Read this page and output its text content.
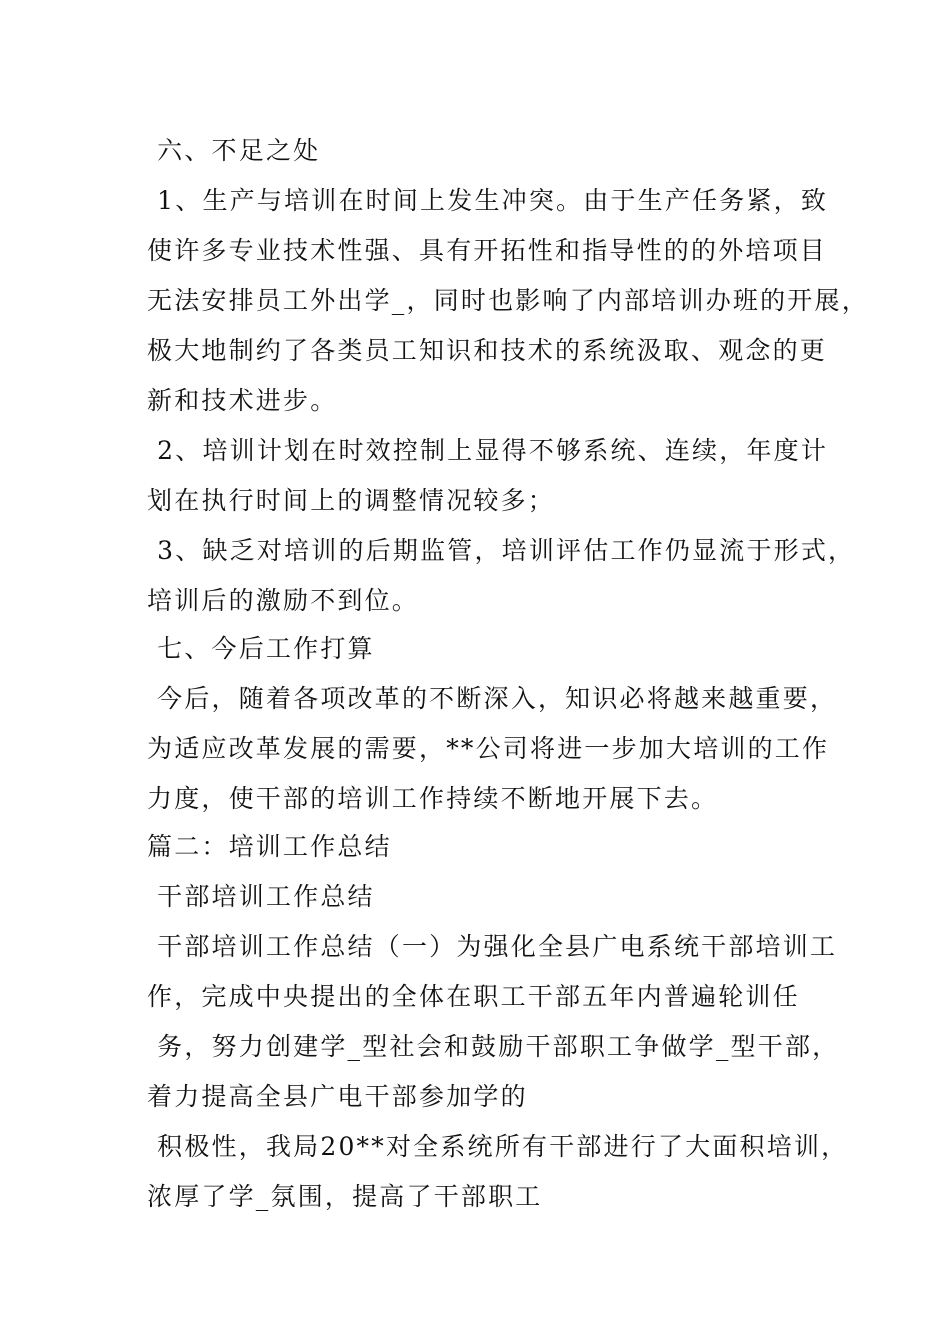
六、不足之处
1、生产与培训在时间上发生冲突。由于生产任务紧，致
使许多专业技术性强、具有开拓性和指导性的的外培项目
无法安排员工外出学_，同时也影响了内部培训办班的开展，
极大地制约了各类员工知识和技术的系统汲取、观念的更
新和技术进步。
2、培训计划在时效控制上显得不够系统、连续，年度计
划在执行时间上的调整情况较多；
3、缺乏对培训的后期监管，培训评估工作仍显流于形式，
培训后的激励不到位。
七、今后工作打算
今后，随着各项改革的不断深入，知识必将越来越重要，
为适应改革发展的需要，**公司将进一步加大培训的工作
力度，使干部的培训工作持续不断地开展下去。
篇二：培训工作总结
干部培训工作总结
干部培训工作总结（一）为强化全县广电系统干部培训工
作，完成中央提出的全体在职工干部五年内普遍轮训任
务，努力创建学_型社会和鼓励干部职工争做学_型干部，
着力提高全县广电干部参加学的
积极性，我局20**对全系统所有干部进行了大面积培训，
浓厚了学_氛围，提高了干部职工
